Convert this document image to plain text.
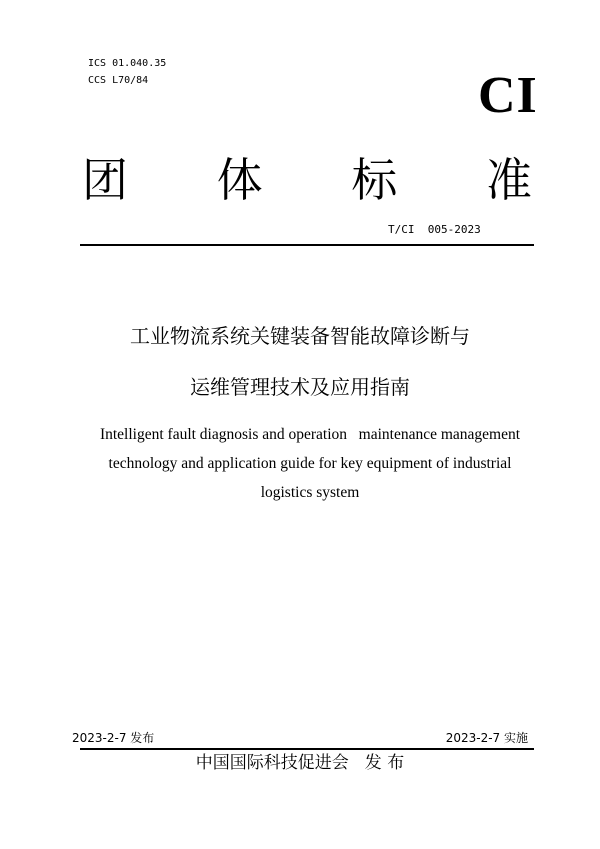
ICS 01.040.35
CCS L70/84	CI
团 体 标 准
T/CI  005-2023
工业物流系统关键装备智能故障诊断与
运维管理技术及应用指南
Intelligent fault diagnosis and operation   maintenance management
technology and application guide for key equipment of industrial
logistics system
2023-2-7 发布	2023-2-7 实施
中国国际科技促进会 发 布
